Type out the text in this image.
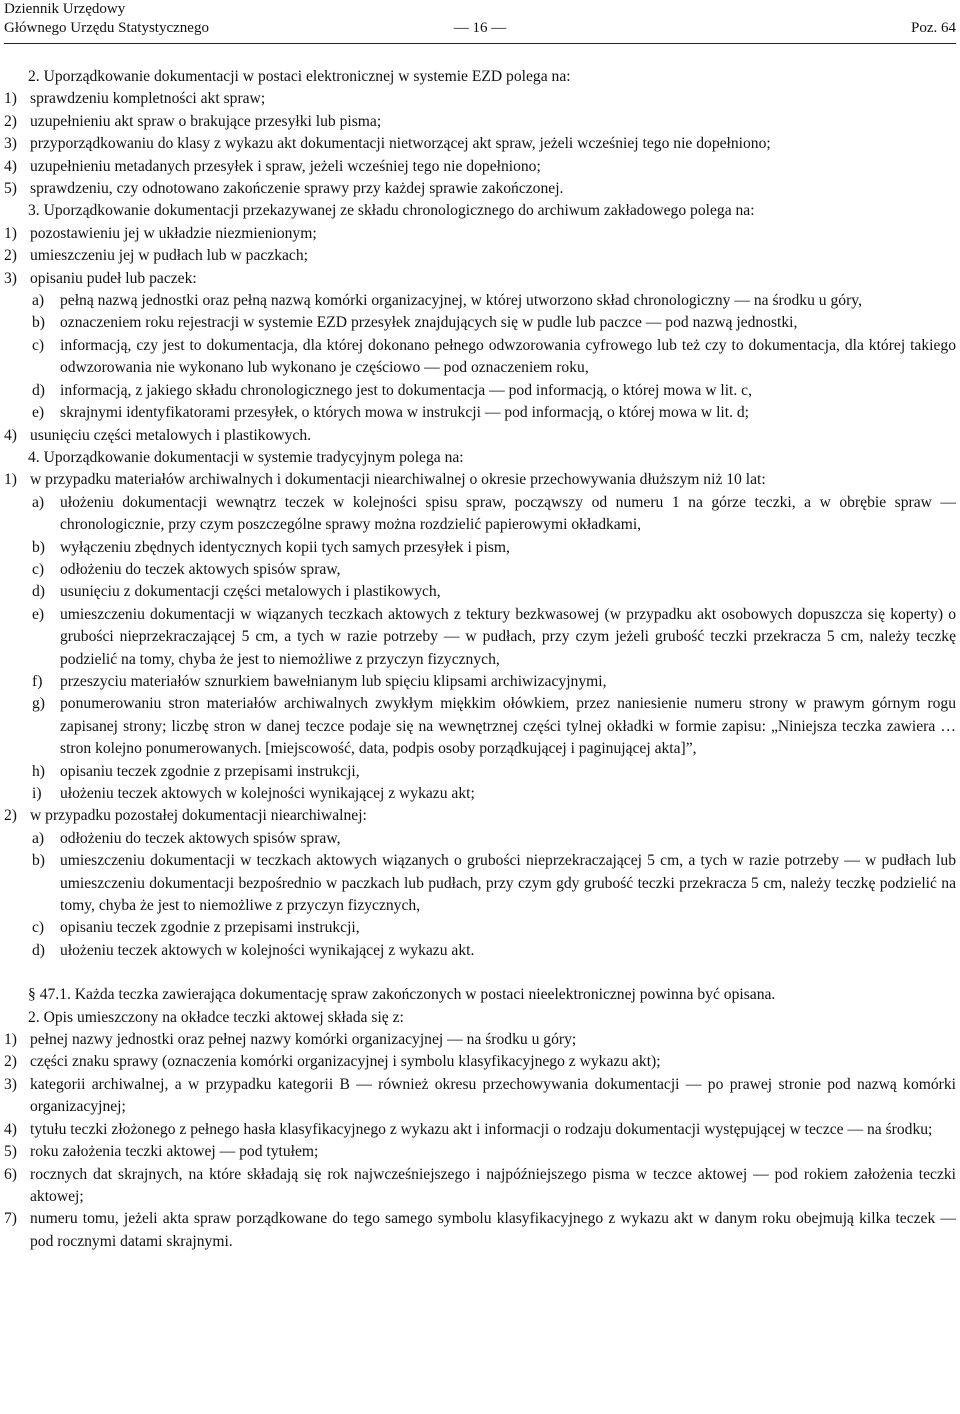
Dziennik Urzędowy
Głównego Urzędu Statystycznego	— 16 —	Poz. 64

2. Uporządkowanie dokumentacji w postaci elektronicznej w systemie EZD polega na:

1) sprawdzeniu kompletności akt spraw;
2) uzupełnieniu akt spraw o brakujące przesyłki lub pisma;
3) przyporządkowaniu do klasy z wykazu akt dokumentacji nietworzącej akt spraw, jeżeli wcześniej tego nie dopełniono;
4) uzupełnieniu metadanych przesyłek i spraw, jeżeli wcześniej tego nie dopełniono;
5) sprawdzeniu, czy odnotowano zakończenie sprawy przy każdej sprawie zakończonej.

3. Uporządkowanie dokumentacji przekazywanej ze składu chronologicznego do archiwum zakładowego polega na:

1) pozostawieniu jej w układzie niezmienionym;
2) umieszczeniu jej w pudłach lub w paczkach;
3) opisaniu pudeł lub paczek:
a) pełną nazwą jednostki oraz pełną nazwą komórki organizacyjnej, w której utworzono skład chronologiczny — na środku u góry,
b) oznaczeniem roku rejestracji w systemie EZD przesyłek znajdujących się w pudle lub paczce — pod nazwą jednostki,
c) informacją, czy jest to dokumentacja, dla której dokonano pełnego odwzorowania cyfrowego lub też czy to dokumentacja, dla której takiego odwzorowania nie wykonano lub wykonano je częściowo — pod oznaczeniem roku,
d) informacją, z jakiego składu chronologicznego jest to dokumentacja — pod informacją, o której mowa w lit. c,
e) skrajnymi identyfikatorami przesyłek, o których mowa w instrukcji — pod informacją, o której mowa w lit. d;
4) usunięciu części metalowych i plastikowych.

4. Uporządkowanie dokumentacji w systemie tradycyjnym polega na:

1) w przypadku materiałów archiwalnych i dokumentacji niearchiwalnej o okresie przechowywania dłuższym niż 10 lat:
a) ułożeniu dokumentacji wewnątrz teczek w kolejności spisu spraw, począwszy od numeru 1 na górze teczki, a w obrębie spraw — chronologicznie, przy czym poszczególne sprawy można rozdzielić papierowymi okładkami,
b) wyłączeniu zbędnych identycznych kopii tych samych przesyłek i pism,
c) odłożeniu do teczek aktowych spisów spraw,
d) usunięciu z dokumentacji części metalowych i plastikowych,
e) umieszczeniu dokumentacji w wiązanych teczkach aktowych z tektury bezkwasowej (w przypadku akt osobowych dopuszcza się koperty) o grubości nieprzekraczającej 5 cm, a tych w razie potrzeby — w pudłach, przy czym jeżeli grubość teczki przekracza 5 cm, należy teczkę podzielić na tomy, chyba że jest to niemożliwe z przyczyn fizycznych,
f) przeszyciu materiałów sznurkiem bawełnianym lub spięciu klipsami archiwizacyjnymi,
g) ponumerowaniu stron materiałów archiwalnych zwykłym miękkim ołówkiem, przez naniesienie numeru strony w prawym górnym rogu zapisanej strony; liczbę stron w danej teczce podaje się na wewnętrznej części tylnej okładki w formie zapisu: „Niniejsza teczka zawiera … stron kolejno ponumerowanych. [miejscowość, data, podpis osoby porządkującej i paginującej akta]”,
h) opisaniu teczek zgodnie z przepisami instrukcji,
i) ułożeniu teczek aktowych w kolejności wynikającej z wykazu akt;
2) w przypadku pozostałej dokumentacji niearchiwalnej:
a) odłożeniu do teczek aktowych spisów spraw,
b) umieszczeniu dokumentacji w teczkach aktowych wiązanych o grubości nieprzekraczającej 5 cm, a tych w razie potrzeby — w pudłach lub umieszczeniu dokumentacji bezpośrednio w paczkach lub pudłach, przy czym gdy grubość teczki przekracza 5 cm, należy teczkę podzielić na tomy, chyba że jest to niemożliwe z przyczyn fizycznych,
c) opisaniu teczek zgodnie z przepisami instrukcji,
d) ułożeniu teczek aktowych w kolejności wynikającej z wykazu akt.

§ 47.1. Każda teczka zawierająca dokumentację spraw zakończonych w postaci nieelektronicznej powinna być opisana.

2. Opis umieszczony na okładce teczki aktowej składa się z:

1) pełnej nazwy jednostki oraz pełnej nazwy komórki organizacyjnej — na środku u góry;
2) części znaku sprawy (oznaczenia komórki organizacyjnej i symbolu klasyfikacyjnego z wykazu akt);
3) kategorii archiwalnej, a w przypadku kategorii B — również okresu przechowywania dokumentacji — po prawej stronie pod nazwą komórki organizacyjnej;
4) tytułu teczki złożonego z pełnego hasła klasyfikacyjnego z wykazu akt i informacji o rodzaju dokumentacji występującej w teczce — na środku;
5) roku założenia teczki aktowej — pod tytułem;
6) rocznych dat skrajnych, na które składają się rok najwcześniejszego i najpóźniejszego pisma w teczce aktowej — pod rokiem założenia teczki aktowej;
7) numeru tomu, jeżeli akta spraw porządkowane do tego samego symbolu klasyfikacyjnego z wykazu akt w danym roku obejmują kilka teczek — pod rocznymi datami skrajnymi.
